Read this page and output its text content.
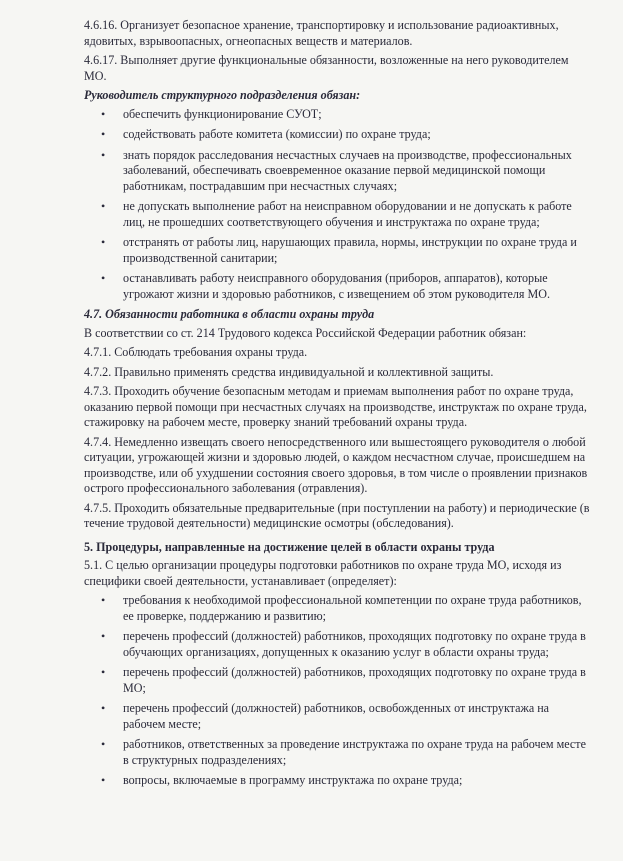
4.6.16. Организует безопасное хранение, транспортировку и использование радиоактивных, ядовитых, взрывоопасных, огнеопасных веществ и материалов.

4.6.17. Выполняет другие функциональные обязанности, возложенные на него руководителем МО.

Руководитель структурного подразделения обязан:

• обеспечить функционирование СУОТ;
• содействовать работе комитета (комиссии) по охране труда;
• знать порядок расследования несчастных случаев на производстве, профессиональных заболеваний, обеспечивать своевременное оказание первой медицинской помощи работникам, пострадавшим при несчастных случаях;
• не допускать выполнение работ на неисправном оборудовании и не допускать к работе лиц, не прошедших соответствующего обучения и инструктажа по охране труда;
• отстранять от работы лиц, нарушающих правила, нормы, инструкции по охране труда и производственной санитарии;
• останавливать работу неисправного оборудования (приборов, аппаратов), которые угрожают жизни и здоровью работников, с извещением об этом руководителя МО.

4.7. Обязанности работника в области охраны труда

В соответствии со ст. 214 Трудового кодекса Российской Федерации работник обязан:

4.7.1. Соблюдать требования охраны труда.

4.7.2. Правильно применять средства индивидуальной и коллективной защиты.

4.7.3. Проходить обучение безопасным методам и приемам выполнения работ по охране труда, оказанию первой помощи при несчастных случаях на производстве, инструктаж по охране труда, стажировку на рабочем месте, проверку знаний требований охраны труда.

4.7.4. Немедленно извещать своего непосредственного или вышестоящего руководителя о любой ситуации, угрожающей жизни и здоровью людей, о каждом несчастном случае, происшедшем на производстве, или об ухудшении состояния своего здоровья, в том числе о проявлении признаков острого профессионального заболевания (отравления).

4.7.5. Проходить обязательные предварительные (при поступлении на работу) и периодические (в течение трудовой деятельности) медицинские осмотры (обследования).

5. Процедуры, направленные на достижение целей в области охраны труда

5.1. С целью организации процедуры подготовки работников по охране труда МО, исходя из специфики своей деятельности, устанавливает (определяет):

• требования к необходимой профессиональной компетенции по охране труда работников, ее проверке, поддержанию и развитию;
• перечень профессий (должностей) работников, проходящих подготовку по охране труда в обучающих организациях, допущенных к оказанию услуг в области охраны труда;
• перечень профессий (должностей) работников, проходящих подготовку по охране труда в МО;
• перечень профессий (должностей) работников, освобожденных от инструктажа на рабочем месте;
• работников, ответственных за проведение инструктажа по охране труда на рабочем месте в структурных подразделениях;
• вопросы, включаемые в программу инструктажа по охране труда;
